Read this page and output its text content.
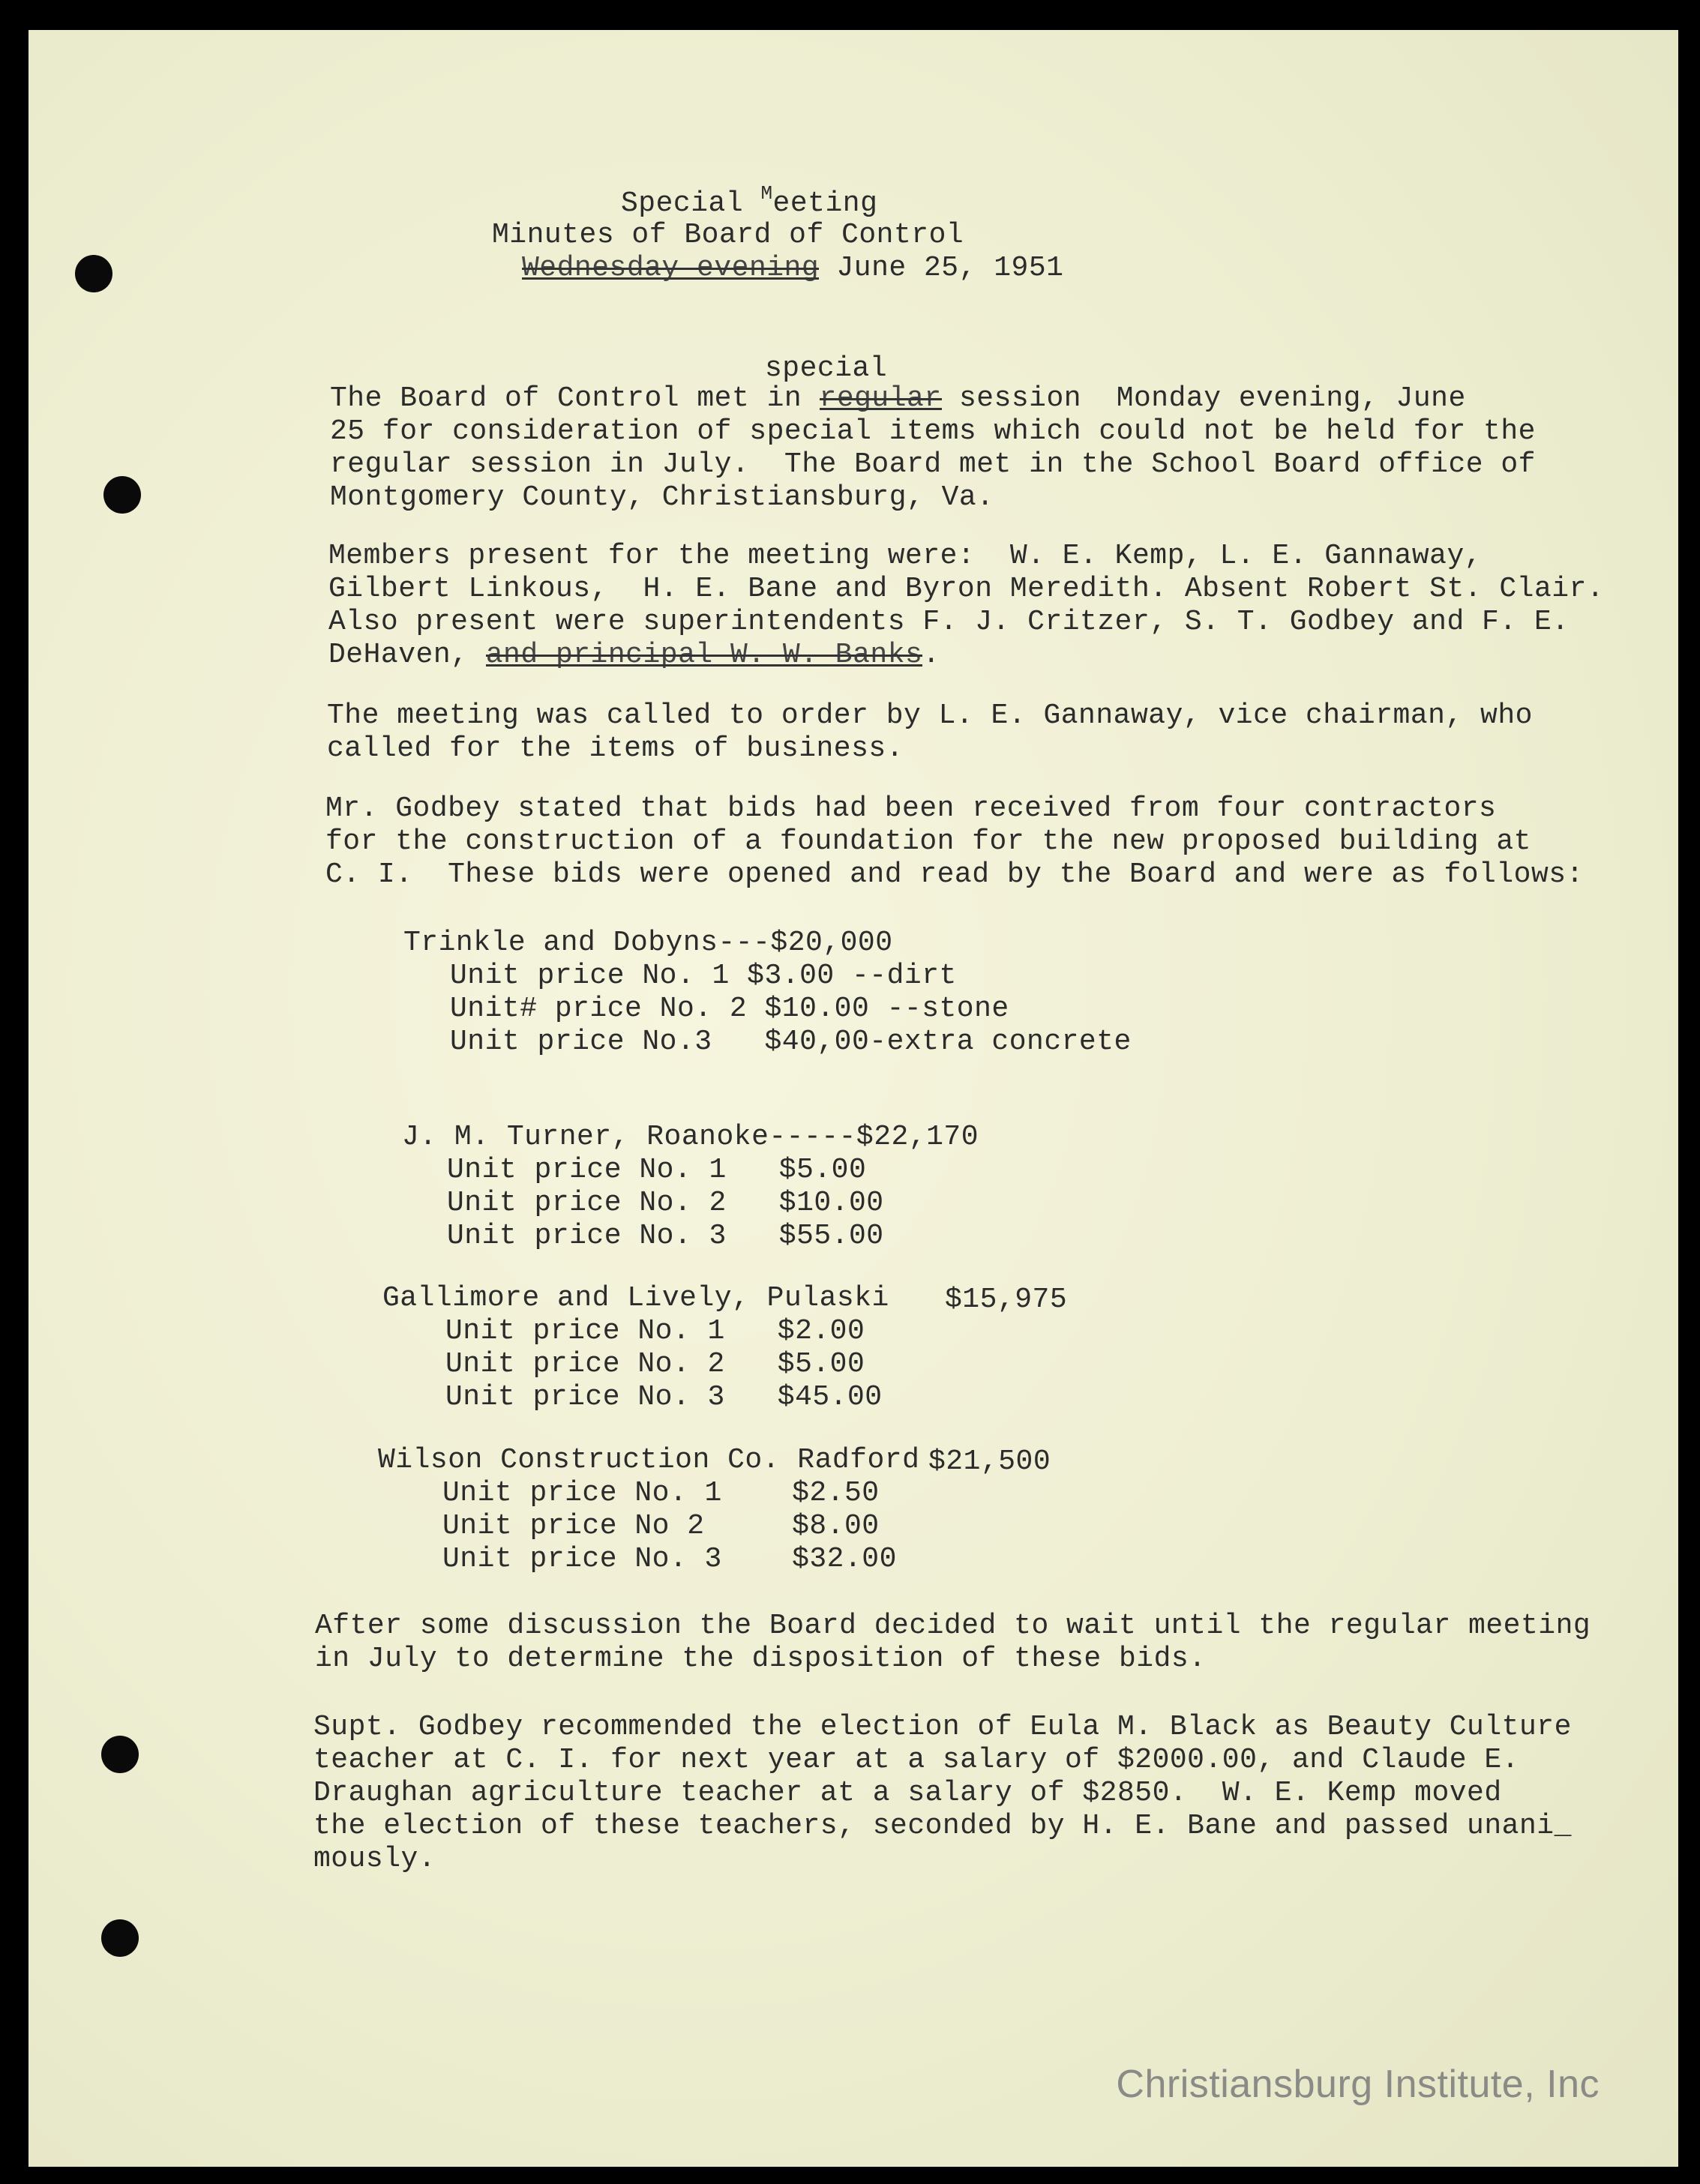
Special $^M$eeting
Minutes of Board of Control
Wednesday evening June 25, 1951
special
The Board of Control met in regular session  Monday evening, June
25 for consideration of special items which could not be held for the
regular session in July.  The Board met in the School Board office of
Montgomery County, Christiansburg, Va.
Members present for the meeting were:  W. E. Kemp, L. E. Gannaway,
Gilbert Linkous,  H. E. Bane and Byron Meredith. Absent Robert St. Clair.
Also present were superintendents F. J. Critzer, S. T. Godbey and F. E.
DeHaven, and principal W. W. Banks.
The meeting was called to order by L. E. Gannaway, vice chairman, who
called for the items of business.
Mr. Godbey stated that bids had been received from four contractors
for the construction of a foundation for the new proposed building at
C. I.  These bids were opened and read by the Board and were as follows:
Trinkle and Dobyns---$20,000
Unit price No. 1 $3.00 --dirt
Unit# price No. 2 $10.00 --stone
Unit price No.3   $40,00-extra concrete
J. M. Turner, Roanoke-----$22,170
Unit price No. 1   $5.00
Unit price No. 2   $10.00
Unit price No. 3   $55.00
Gallimore and Lively, Pulaski $15,975
Unit price No. 1   $2.00
Unit price No. 2   $5.00
Unit price No. 3   $45.00
Wilson Construction Co. Radford $21,500
Unit price No. 1    $2.50
Unit price No 2     $8.00
Unit price No. 3    $32.00
After some discussion the Board decided to wait until the regular meeting
in July to determine the disposition of these bids.
Supt. Godbey recommended the election of Eula M. Black as Beauty Culture
teacher at C. I. for next year at a salary of $2000.00, and Claude E.
Draughan agriculture teacher at a salary of $2850.  W. E. Kemp moved
the election of these teachers, seconded by H. E. Bane and passed unani_
mously.
Christiansburg Institute, Inc
